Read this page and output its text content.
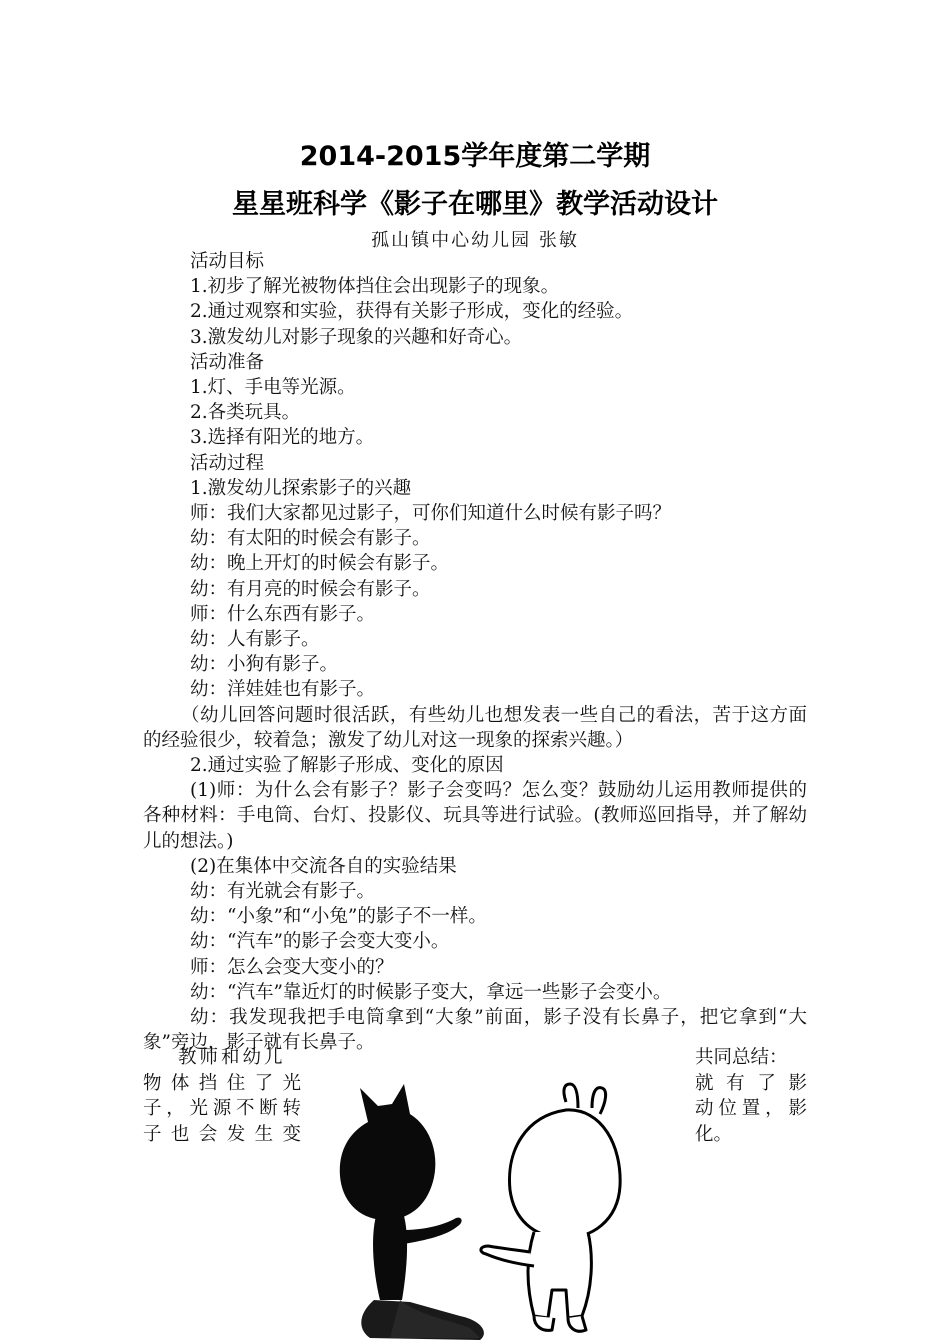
2014-2015学年度第二学期
星星班科学《影子在哪里》教学活动设计
孤山镇中心幼儿园 张敏

活动目标

1.初步了解光被物体挡住会出现影子的现象。

2.通过观察和实验，获得有关影子形成，变化的经验。

3.激发幼儿对影子现象的兴趣和好奇心。

活动准备

1.灯、手电等光源。

2.各类玩具。

3.选择有阳光的地方。

活动过程

1.激发幼儿探索影子的兴趣

师：我们大家都见过影子，可你们知道什么时候有影子吗？

幼：有太阳的时候会有影子。

幼：晚上开灯的时候会有影子。

幼：有月亮的时候会有影子。

师：什么东西有影子。

幼：人有影子。

幼：小狗有影子。

幼：洋娃娃也有影子。

（幼儿回答问题时很活跃，有些幼儿也想发表一些自己的看法，苦于这方面的经验很少，较着急；激发了幼儿对这一现象的探索兴趣。）

2.通过实验了解影子形成、变化的原因

(1)师：为什么会有影子？影子会变吗？怎么变？鼓励幼儿运用教师提供的各种材料：手电筒、台灯、投影仪、玩具等进行试验。(教师巡回指导，并了解幼儿的想法。)

(2)在集体中交流各自的实验结果

幼：有光就会有影子。

幼：“小象”和“小兔”的影子不一样。

幼：“汽车”的影子会变大变小。

师：怎么会变大变小的？

幼：“汽车”靠近灯的时候影子变大，拿远一些影子会变小。

幼：我发现我把手电筒拿到“大象”前面，影子没有长鼻子，把它拿到“大象”旁边，影子就有长鼻子。

教师和幼儿
物体挡住了光
子，光源不断转
子也会发生变
共同总结：
就有了影
动位置，影
化。
